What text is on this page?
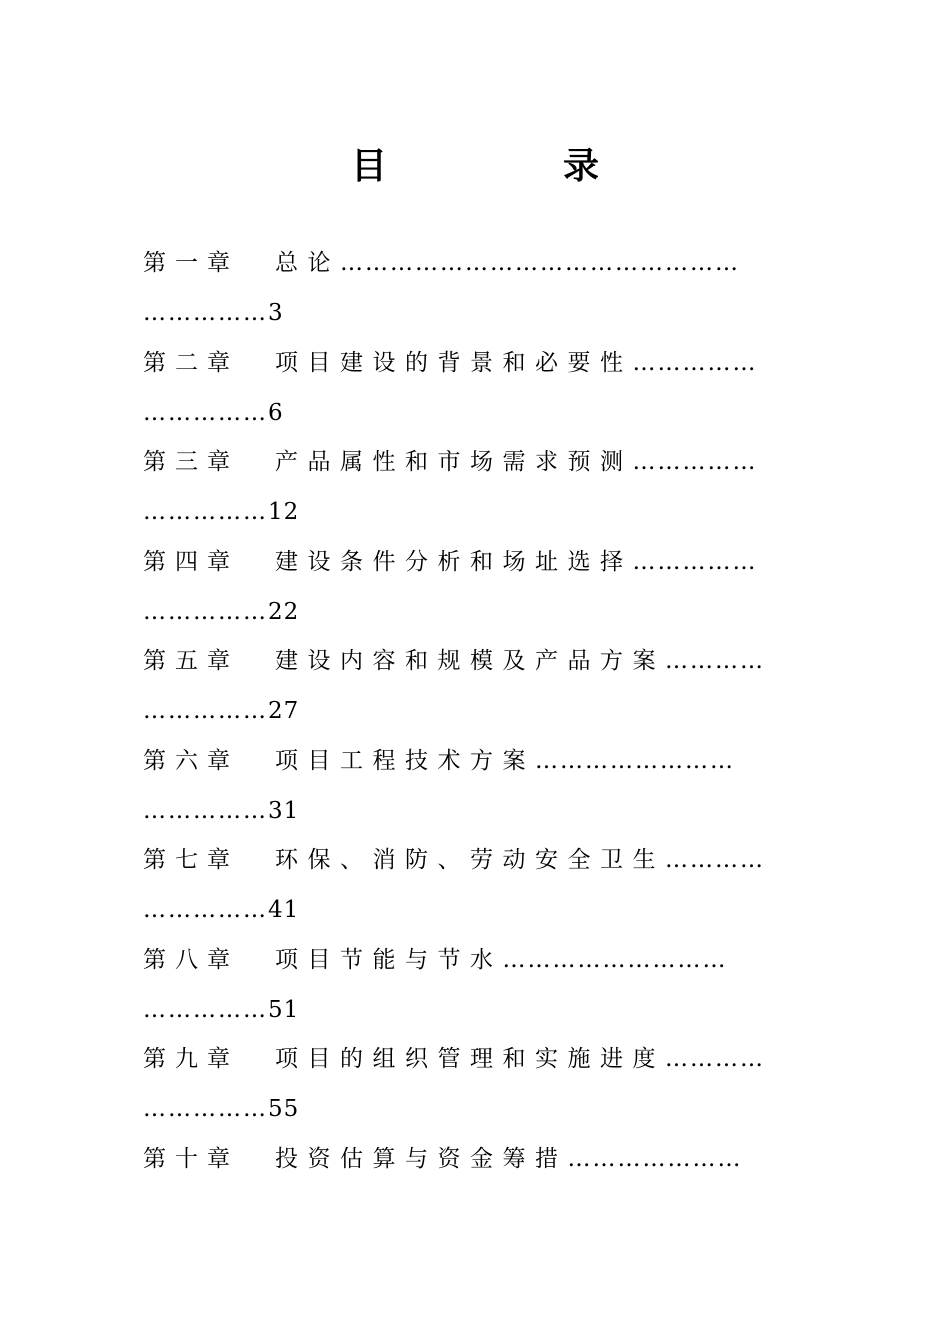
目　录
第一章 总论…………………………………………
……………3
第二章 项目建设的背景和必要性……………
……………6
第三章 产品属性和市场需求预测……………
……………12
第四章 建设条件分析和场址选择……………
……………22
第五章 建设内容和规模及产品方案…………
……………27
第六章 项目工程技术方案……………………
……………31
第七章 环保、消防、劳动安全卫生…………
……………41
第八章 项目节能与节水………………………
……………51
第九章 项目的组织管理和实施进度…………
……………55
第十章 投资估算与资金筹措…………………
